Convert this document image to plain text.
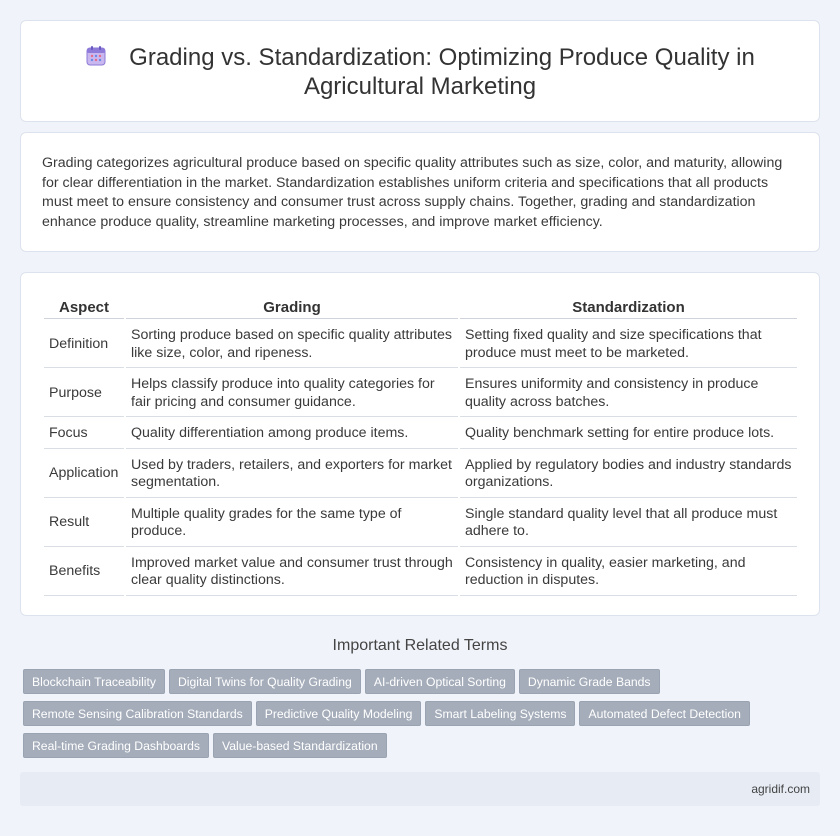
Grading vs. Standardization: Optimizing Produce Quality in
Agricultural Marketing

Grading categorizes agricultural produce based on specific quality attributes such as size, color, and maturity, allowing for clear differentiation in the market. Standardization establishes uniform criteria and specifications that all products must meet to ensure consistency and consumer trust across supply chains. Together, grading and standardization enhance produce quality, streamline marketing processes, and improve market efficiency.

Aspect	Grading	Standardization
Definition	Sorting produce based on specific quality attributes like size, color, and ripeness.	Setting fixed quality and size specifications that produce must meet to be marketed.
Purpose	Helps classify produce into quality categories for fair pricing and consumer guidance.	Ensures uniformity and consistency in produce quality across batches.
Focus	Quality differentiation among produce items.	Quality benchmark setting for entire produce lots.
Application	Used by traders, retailers, and exporters for market segmentation.	Applied by regulatory bodies and industry standards organizations.
Result	Multiple quality grades for the same type of produce.	Single standard quality level that all produce must adhere to.
Benefits	Improved market value and consumer trust through clear quality distinctions.	Consistency in quality, easier marketing, and reduction in disputes.
Important Related Terms
Blockchain Traceability Digital Twins for Quality Grading AI-driven Optical Sorting Dynamic Grade Bands
Remote Sensing Calibration Standards Predictive Quality Modeling Smart Labeling Systems Automated Defect Detection
Real-time Grading Dashboards Value-based Standardization
agridif.com
